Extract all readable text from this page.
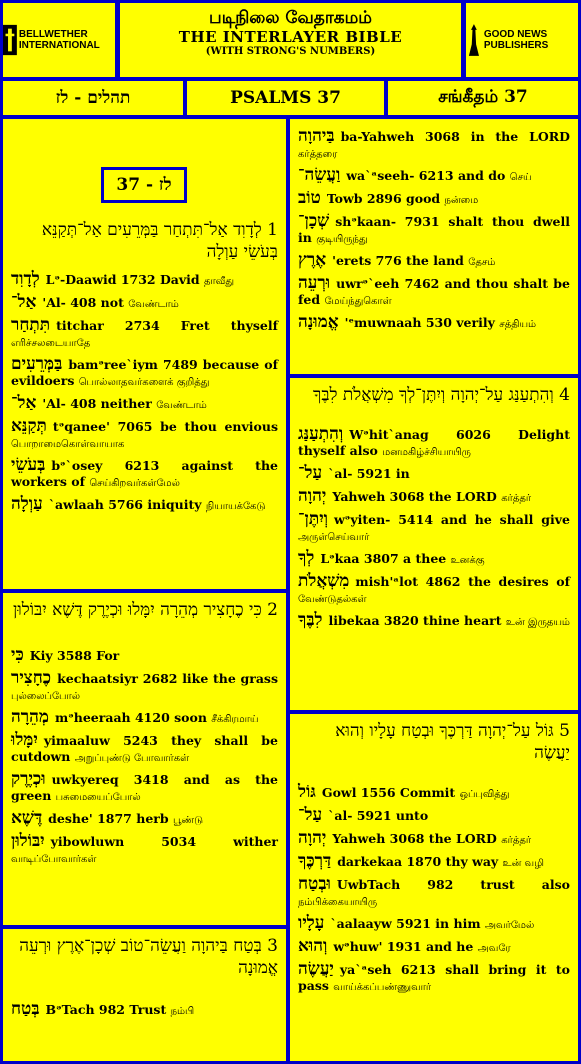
BELLWETHER INTERNATIONAL
படிநிலை வேதாகமம்
THE INTERLAYER BIBLE
(WITH STRONG'S NUMBERS)
GOOD NEWS PUBLISHERS
תהלים - לז	PSALMS 37	சங்கீதம் 37
לז - 37
1 לְדָוִד אַל־תִּתְחַר בַּמְּרֵעִים אַל־תְּקַנֵּא בְּעֹשֵׂי עַוְלָה
לְדָוִד Lᵊ-Daawid 1732 David தாவீது
אַל־ 'Al- 408 not வேண்டாம்
תִּתְחַר titchar 2734 Fret thyself எரிச்சலடையாதே
בַּמְּרֵעִים bamᵊree`iym 7489 because of evildoers பொல்லாதவர்களைக் குறித்து
אַל־ 'Al- 408 neither வேண்டாம்
תְּקַנֵּא tᵊqanee' 7065 be thou envious பொறாமைகொள்வாயாக
בְּעֹשֵׂי bᵊ`osey 6213 against the workers of செய்கிறவர்கள்மேல்
עַוְלָה `awlaah 5766 iniquity நியாயக்கேடு
2 כִּי כֶחָצִיר מְהֵרָה יִמָּלוּ וּכְיֶרֶק דֶּשֶׁא יִבּוֹלוּן
כִּי Kiy 3588 For
כֶחָצִיר kechaatsiyr 2682 like the grass புல்லைப்போல்
מְהֵרָה mᵊheeraah 4120 soon சீக்கிரமாய்
יִמָּלוּ yimaaluw 5243 they shall be cutdown அறுப்புண்டு போவார்கள்
וּכְיֶרֶק uwkyereq 3418 and as the green பசுமையைப்போல்
דֶּשֶׁא deshe' 1877 herb பூண்டு
יִבּוֹלוּן yibowluwn 5034 wither வாடிப்போவார்கள்
3 בְּטַח בַּיהוָה וַעֲשֵׂה־טוֹב שְׁכָן־אֶרֶץ וּרְעֵה אֱמוּנָה
בְּטַח BᵊTach 982 Trust நம்பி
בַּיהוָה ba-Yahweh 3068 in the LORD கர்த்தரை
וַעֲשֵׂה־ wa`ᵃseeh- 6213 and do செய்
טוֹב Towb 2896 good நன்மை
שְׁכָן־ shᵊkaan- 7931 shalt thou dwell in குடியிருந்து
אֶרֶץ 'erets 776 the land தேசம்
וּרְעֵה uwrᵊ`eeh 7462 and thou shalt be fed மேய்ந்துகொள்
אֱמוּנָה 'ᵉmuwnaah 530 verily சத்தியம்
4 וְהִתְעַנַּג עַל־יְהוָה וְיִתֶּן־לְךָ מִשְׁאֲלֹת לִבֶּךָ
וְהִתְעַנַּג Wᵊhit`anag 6026 Delight thyself also மனமகிழ்ச்சியாயிரு
עַל־ `al- 5921 in
יְהוָה Yahweh 3068 the LORD கர்த்தர்
וְיִתֶּן־ wᵊyiten- 5414 and he shall give அருள்செய்வார்
לְךָ Lᵊkaa 3807 a thee உனக்கு
מִשְׁאֲלֹת mish'ᵃlot 4862 the desires of வேண்டுதல்கள்
לִבֶּךָ libekaa 3820 thine heart உன் இருதயம்
5 גּוֹל עַל־יְהוָה דַּרְכֶּךָ וּבְטַח עָלָיו וְהוּא יַעֲשֶׂה
גּוֹל Gowl 1556 Commit ஒப்புவித்து
עַל־ `al- 5921 unto
יְהוָה Yahweh 3068 the LORD கர்த்தர்
דַּרְכֶּךָ darkekaa 1870 thy way உன் வழி
וּבְטַח UwbTach 982 trust also நம்பிக்கையாயிரு
עָלָיו `aalaayw 5921 in him அவர்மேல்
וְהוּא wᵊhuw' 1931 and he அவரே
יַעֲשֶׂה ya`ᵃseh 6213 shall bring it to pass வாய்க்கப்பண்ணுவார்
